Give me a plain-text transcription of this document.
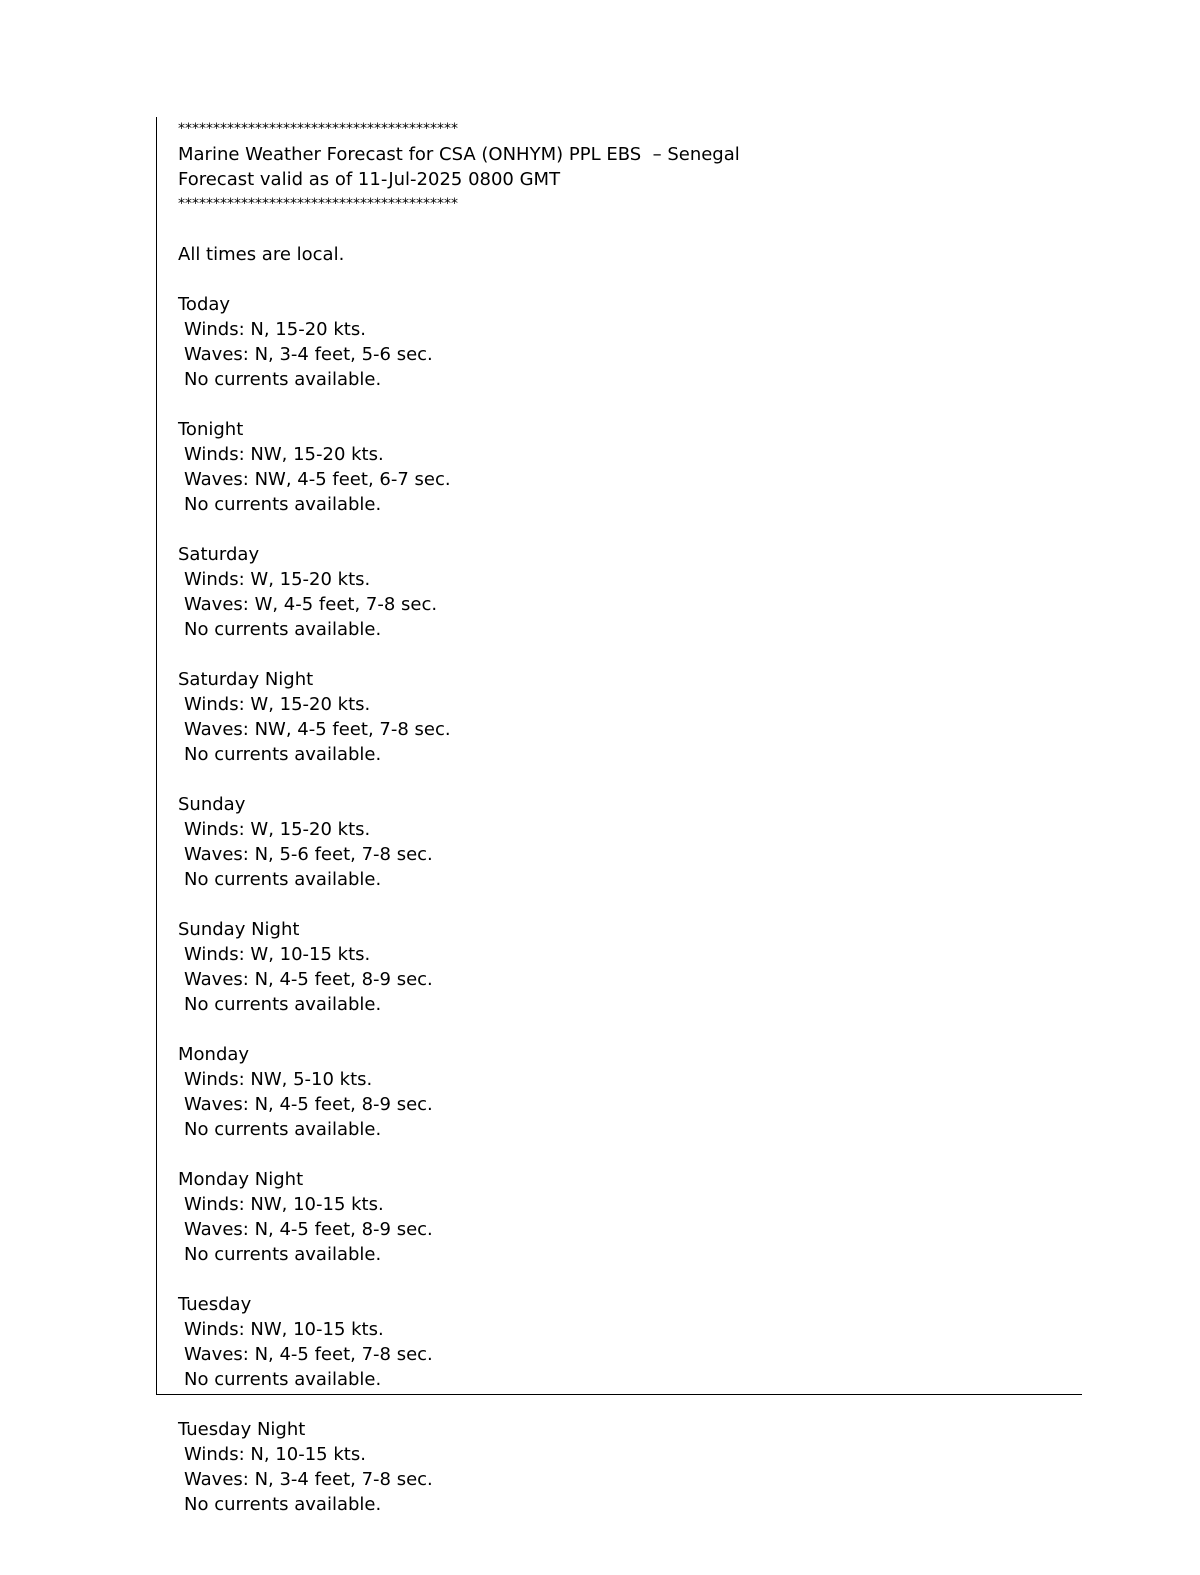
****************************************
Marine Weather Forecast for CSA (ONHYM) PPL EBS  – Senegal
Forecast valid as of 11-Jul-2025 0800 GMT
****************************************
All times are local.
Today
Winds: N, 15-20 kts.
Waves: N, 3-4 feet, 5-6 sec.
No currents available.
Tonight
Winds: NW, 15-20 kts.
Waves: NW, 4-5 feet, 6-7 sec.
No currents available.
Saturday
Winds: W, 15-20 kts.
Waves: W, 4-5 feet, 7-8 sec.
No currents available.
Saturday Night
Winds: W, 15-20 kts.
Waves: NW, 4-5 feet, 7-8 sec.
No currents available.
Sunday
Winds: W, 15-20 kts.
Waves: N, 5-6 feet, 7-8 sec.
No currents available.
Sunday Night
Winds: W, 10-15 kts.
Waves: N, 4-5 feet, 8-9 sec.
No currents available.
Monday
Winds: NW, 5-10 kts.
Waves: N, 4-5 feet, 8-9 sec.
No currents available.
Monday Night
Winds: NW, 10-15 kts.
Waves: N, 4-5 feet, 8-9 sec.
No currents available.
Tuesday
Winds: NW, 10-15 kts.
Waves: N, 4-5 feet, 7-8 sec.
No currents available.
Tuesday Night
Winds: N, 10-15 kts.
Waves: N, 3-4 feet, 7-8 sec.
No currents available.
